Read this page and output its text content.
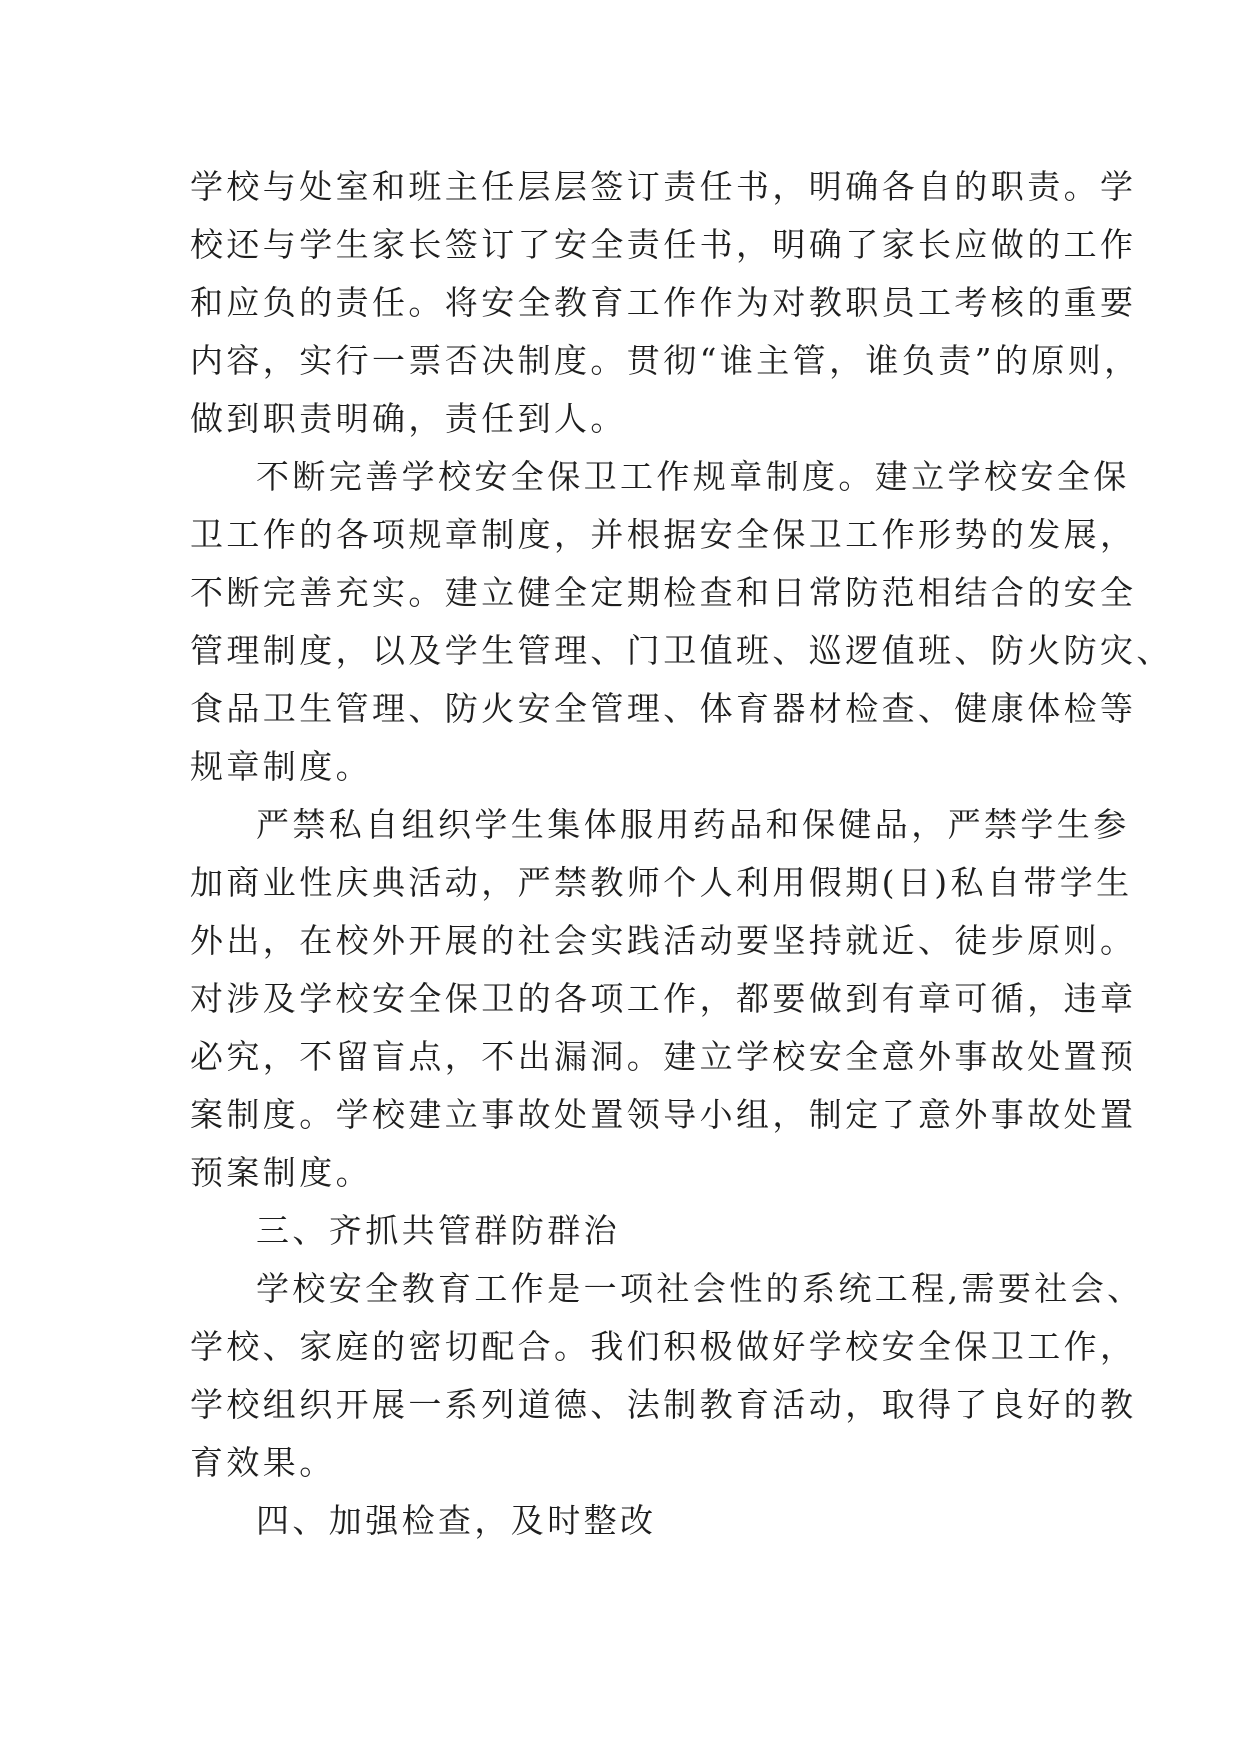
学校与处室和班主任层层签订责任书，明确各自的职责。学
校还与学生家长签订了安全责任书，明确了家长应做的工作
和应负的责任。将安全教育工作作为对教职员工考核的重要
内容，实行一票否决制度。贯彻“谁主管，谁负责”的原则，
做到职责明确，责任到人。
不断完善学校安全保卫工作规章制度。建立学校安全保
卫工作的各项规章制度，并根据安全保卫工作形势的发展，
不断完善充实。建立健全定期检查和日常防范相结合的安全
管理制度，以及学生管理、门卫值班、巡逻值班、防火防灾、
食品卫生管理、防火安全管理、体育器材检查、健康体检等
规章制度。
严禁私自组织学生集体服用药品和保健品，严禁学生参
加商业性庆典活动，严禁教师个人利用假期(日)私自带学生
外出，在校外开展的社会实践活动要坚持就近、徒步原则。
对涉及学校安全保卫的各项工作，都要做到有章可循，违章
必究，不留盲点，不出漏洞。建立学校安全意外事故处置预
案制度。学校建立事故处置领导小组，制定了意外事故处置
预案制度。
三、齐抓共管群防群治
学校安全教育工作是一项社会性的系统工程,需要社会、
学校、家庭的密切配合。我们积极做好学校安全保卫工作，
学校组织开展一系列道德、法制教育活动，取得了良好的教
育效果。
四、加强检查，及时整改
